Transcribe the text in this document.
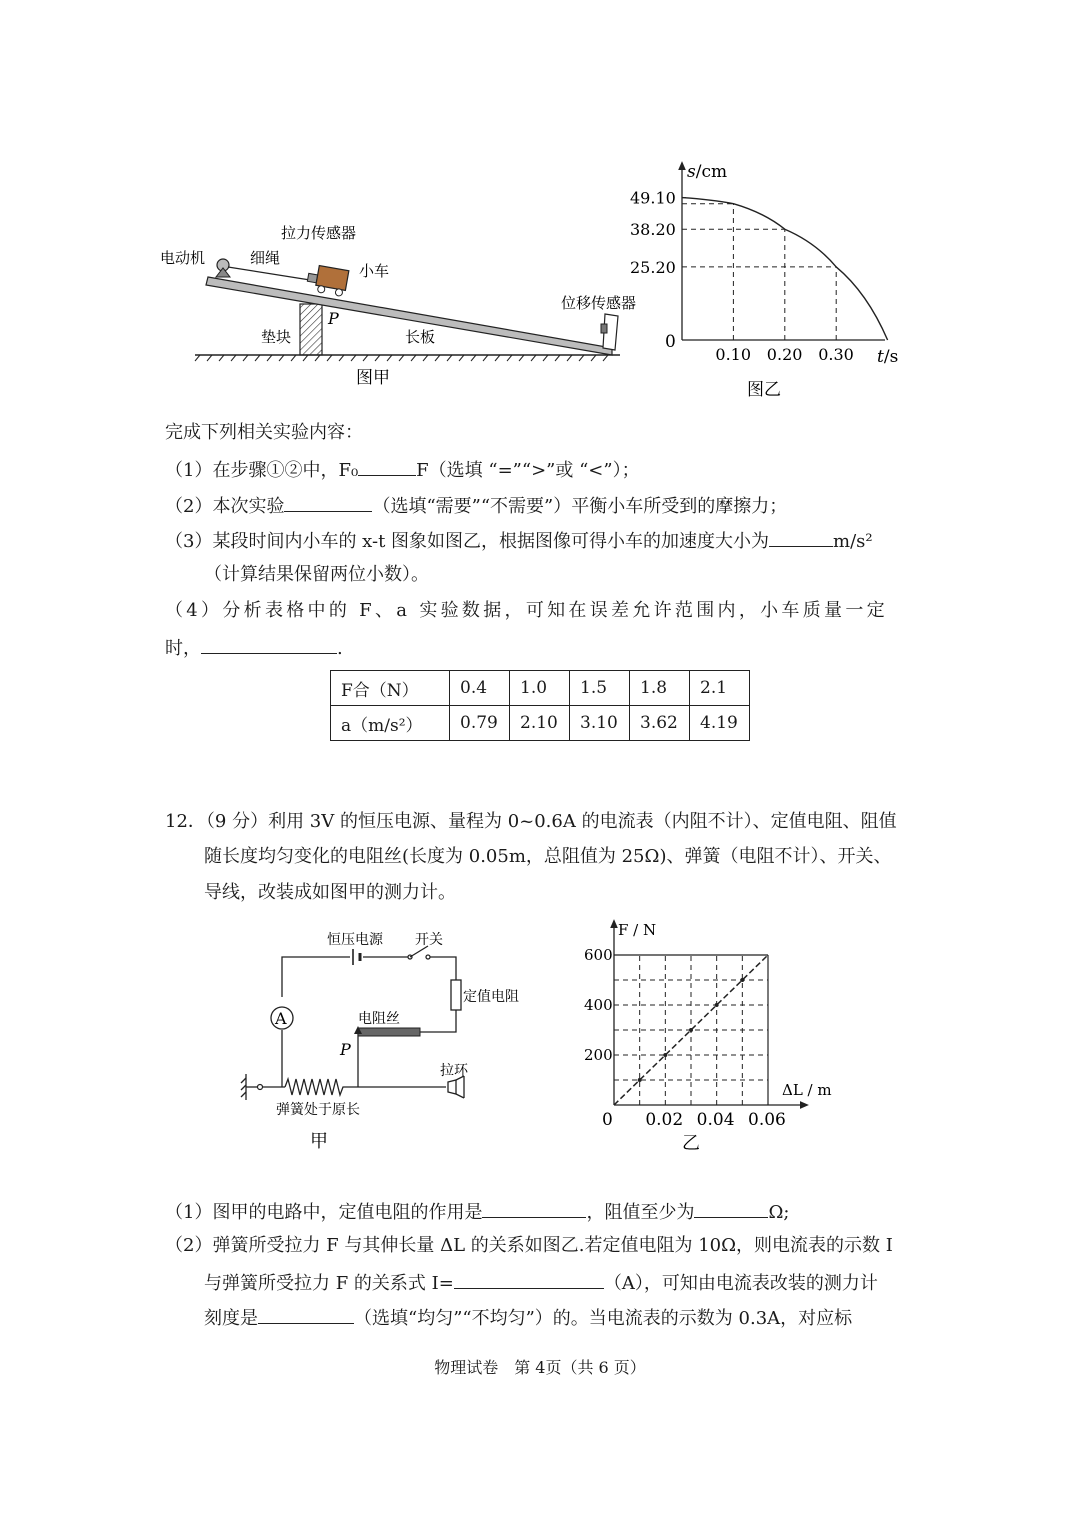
电动机	细绳
拉力传感器
小车
P
垫块	长板
位移传感器
图甲
49.10
38.20
25.20
0.10 0.20 0.30
s/cm
t/s
0
图乙
完成下列相关实验内容：
（1）在步骤①②中，F₀	F（选填 “=”“>”或 “<”）；
（2）本次实验	（选填“需要”“不需要”）平衡小车所受到的摩擦力；
（3）某段时间内小车的 x-t 图象如图乙，根据图像可得小车的加速度大小为	m/s²
（计算结果保留两位小数）。
（4）分析表格中的 F、a 实验数据，可知在误差允许范围内，小车质量一定
时，	.
F合（N）	0.4	1.0	1.5	1.8	2.1
a（m/s²）	0.79	2.10	3.10	3.62	4.19
12．（9 分）利用 3V 的恒压电源、量程为 0~0.6A 的电流表（内阻不计）、定值电阻、阻值
随长度均匀变化的电阻丝(长度为 0.05m，总阻值为 25Ω)、弹簧（电阻不计）、开关、
导线，改装成如图甲的测力计。
A
恒压电源 开关
定值电阻
电阻丝
P
拉环
弹簧处于原长
甲
200
400
600
0.02 0.04 0.06
F / N
ΔL / m
0
乙
（1）图甲的电路中，定值电阻的作用是	，阻值至少为	Ω;
（2）弹簧所受拉力 F 与其伸长量 ΔL 的关系如图乙.若定值电阻为 10Ω，则电流表的示数 I
与弹簧所受拉力 F 的关系式 I=	（A），可知由电流表改装的测力计
刻度是	（选填“均匀”“不均匀”）的。当电流表的示数为 0.3A，对应标
物理试卷　第 4页（共 6 页）
